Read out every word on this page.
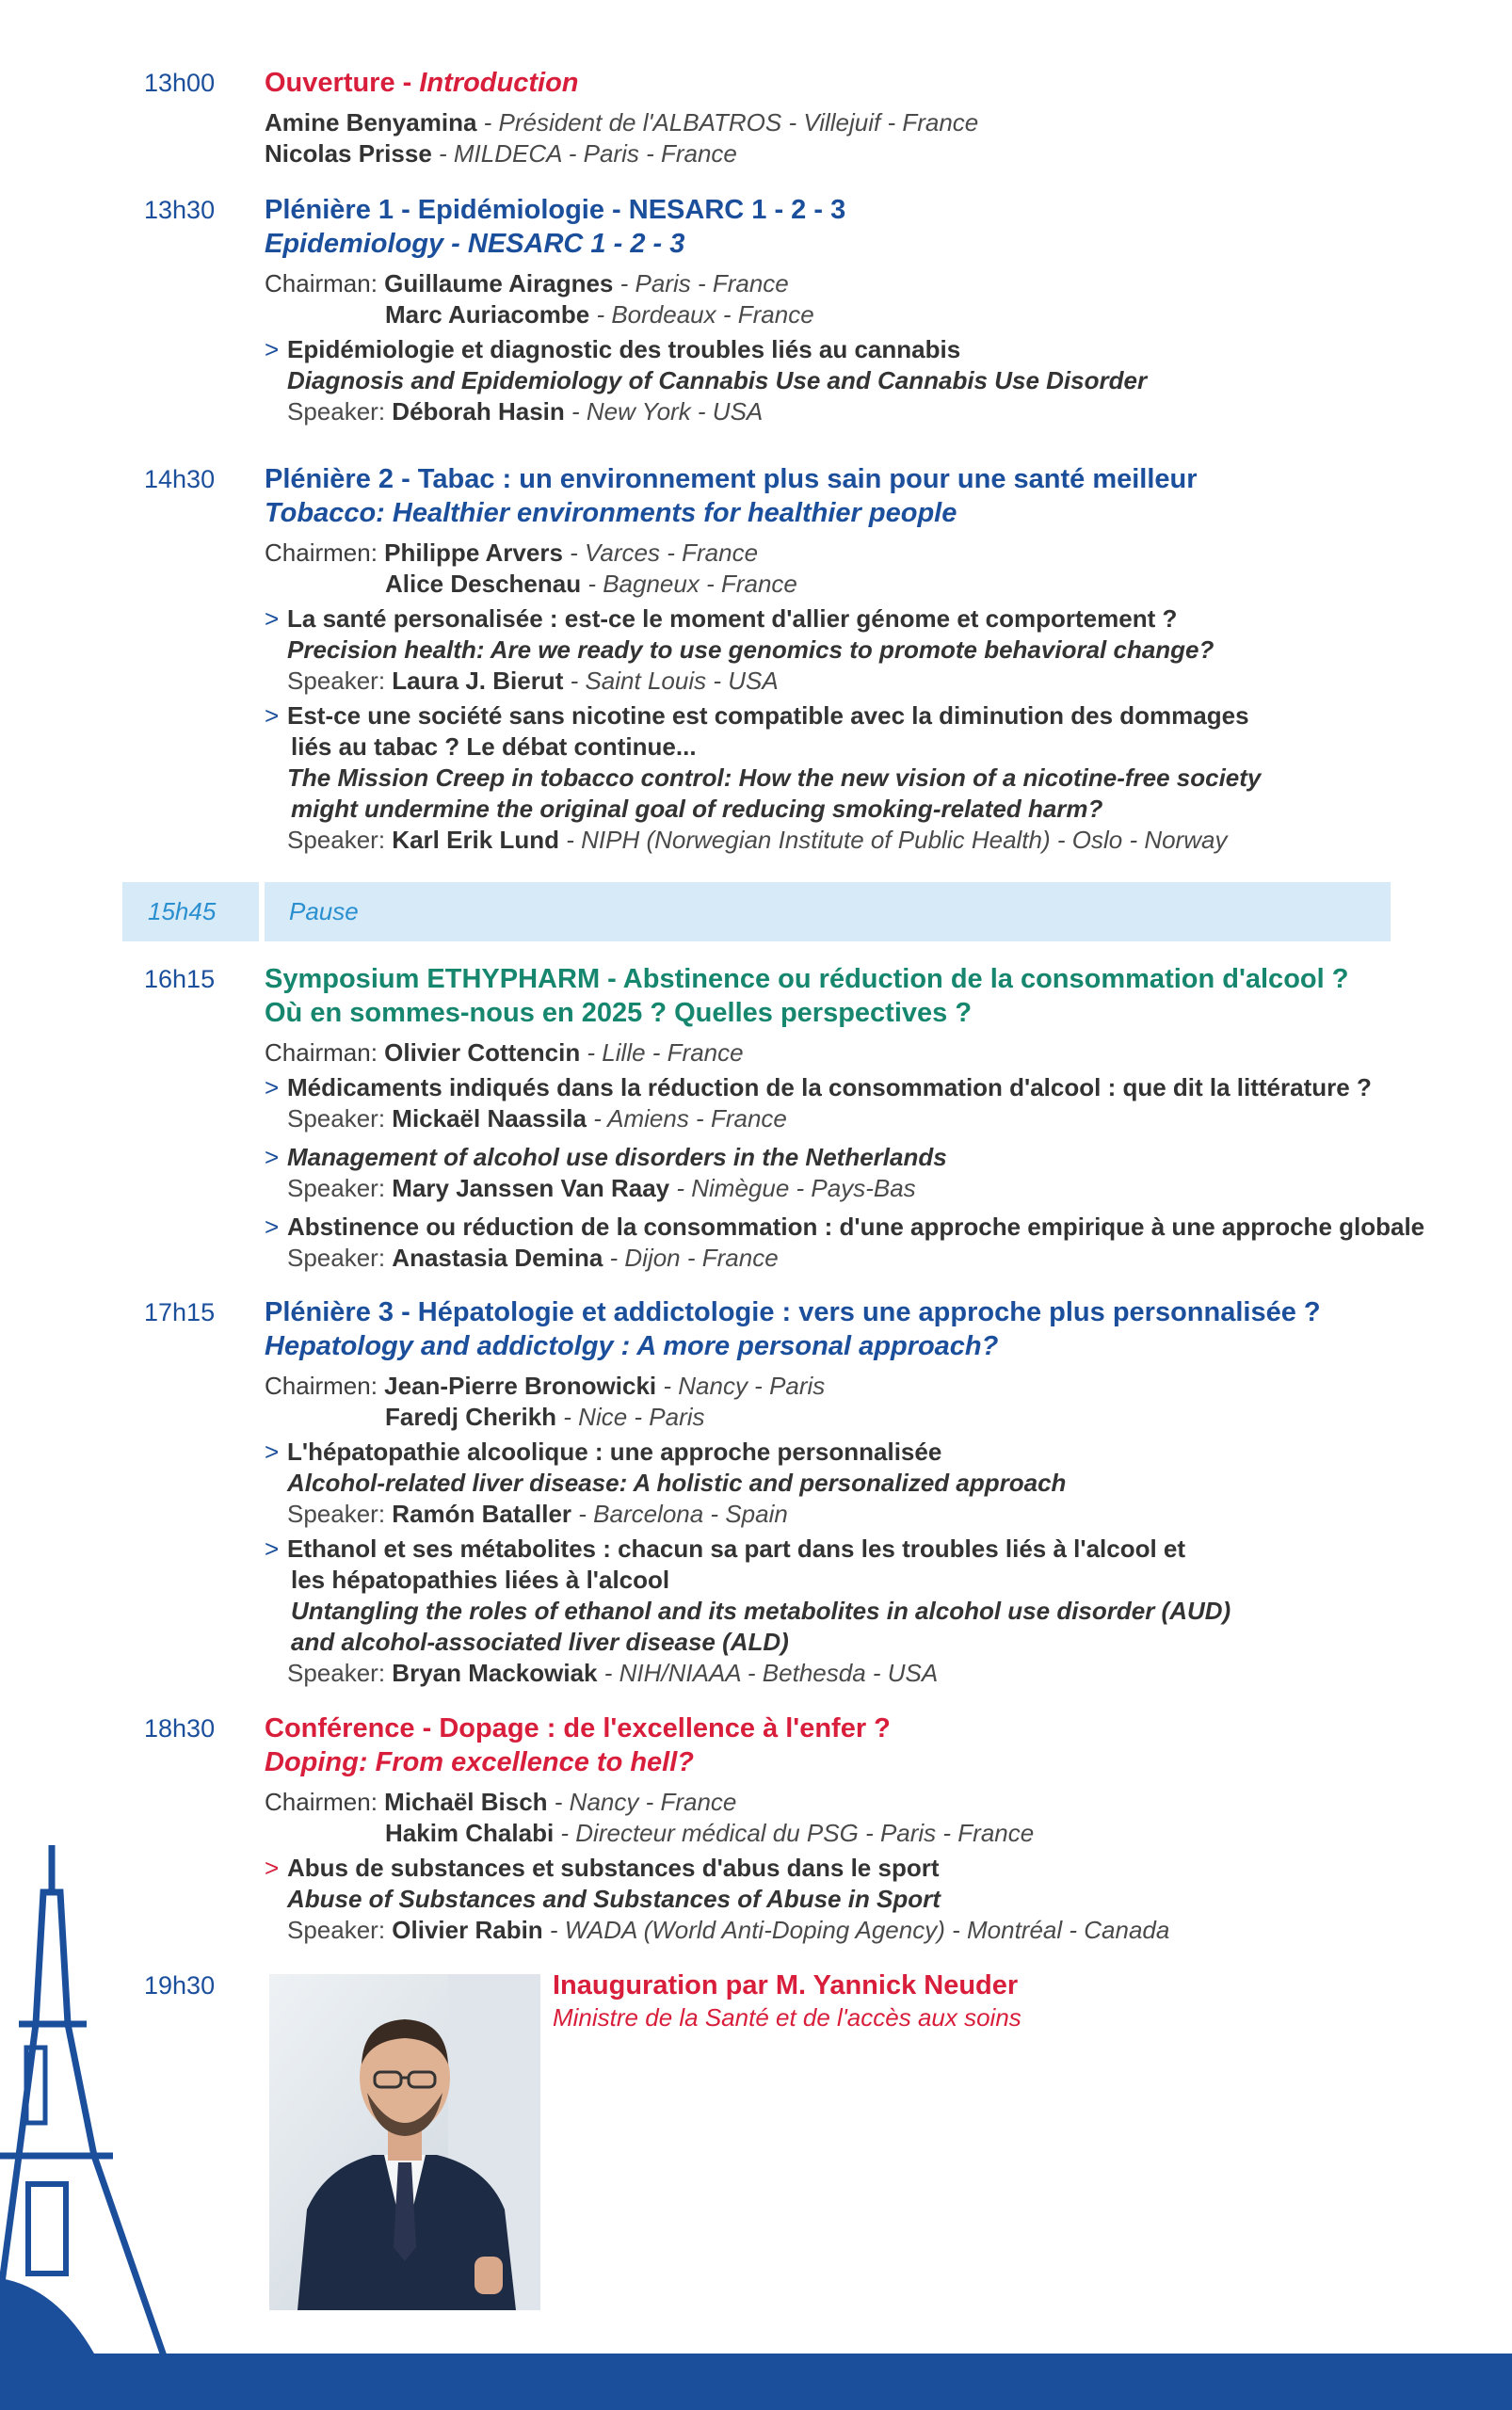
13h00 Ouverture - Introduction

Amine Benyamina - Président de l'ALBATROS - Villejuif - France

Nicolas Prisse - MILDECA - Paris - France

13h30 Plénière 1 - Epidémiologie - NESARC 1 - 2 - 3

Epidemiology - NESARC 1 - 2 - 3

Chairman: Guillaume Airagnes - Paris - France

Marc Auriacombe - Bordeaux - France

> Epidémiologie et diagnostic des troubles liés au cannabis

Diagnosis and Epidemiology of Cannabis Use and Cannabis Use Disorder

Speaker: Déborah Hasin - New York - USA

14h30 Plénière 2 - Tabac : un environnement plus sain pour une santé meilleur

Tobacco: Healthier environments for healthier people

Chairmen: Philippe Arvers - Varces - France

Alice Deschenau - Bagneux - France

> La santé personalisée : est-ce le moment d'allier génome et comportement ?

Precision health: Are we ready to use genomics to promote behavioral change?

Speaker: Laura J. Bierut - Saint Louis - USA

> Est-ce une société sans nicotine est compatible avec la diminution des dommages

liés au tabac ? Le débat continue...

The Mission Creep in tobacco control: How the new vision of a nicotine-free society

might undermine the original goal of reducing smoking-related harm?

Speaker: Karl Erik Lund - NIPH (Norwegian Institute of Public Health) - Oslo - Norway

15h45	Pause
16h15 Symposium ETHYPHARM - Abstinence ou réduction de la consommation d'alcool ?

Où en sommes-nous en 2025 ? Quelles perspectives ?

Chairman: Olivier Cottencin - Lille - France

> Médicaments indiqués dans la réduction de la consommation d'alcool : que dit la littérature ?

Speaker: Mickaël Naassila - Amiens - France

> Management of alcohol use disorders in the Netherlands

Speaker: Mary Janssen Van Raay - Nimègue - Pays-Bas

> Abstinence ou réduction de la consommation : d'une approche empirique à une approche globale

Speaker: Anastasia Demina - Dijon - France

17h15 Plénière 3 - Hépatologie et addictologie : vers une approche plus personnalisée ?

Hepatology and addictolgy : A more personal approach?

Chairmen: Jean-Pierre Bronowicki - Nancy - Paris

Faredj Cherikh - Nice - Paris

> L'hépatopathie alcoolique : une approche personnalisée

Alcohol-related liver disease: A holistic and personalized approach

Speaker: Ramón Bataller - Barcelona - Spain

> Ethanol et ses métabolites : chacun sa part dans les troubles liés à l'alcool et

les hépatopathies liées à l'alcool

Untangling the roles of ethanol and its metabolites in alcohol use disorder (AUD)

and alcohol-associated liver disease (ALD)

Speaker: Bryan Mackowiak - NIH/NIAAA - Bethesda - USA

18h30 Conférence - Dopage : de l'excellence à l'enfer ?

Doping: From excellence to hell?

Chairmen: Michaël Bisch - Nancy - France

Hakim Chalabi - Directeur médical du PSG - Paris - France

> Abus de substances et substances d'abus dans le sport

Abuse of Substances and Substances of Abuse in Sport

Speaker: Olivier Rabin - WADA (World Anti-Doping Agency) - Montréal - Canada

19h30	Inauguration par M. Yannick Neuder

Ministre de la Santé et de l'accès aux soins
